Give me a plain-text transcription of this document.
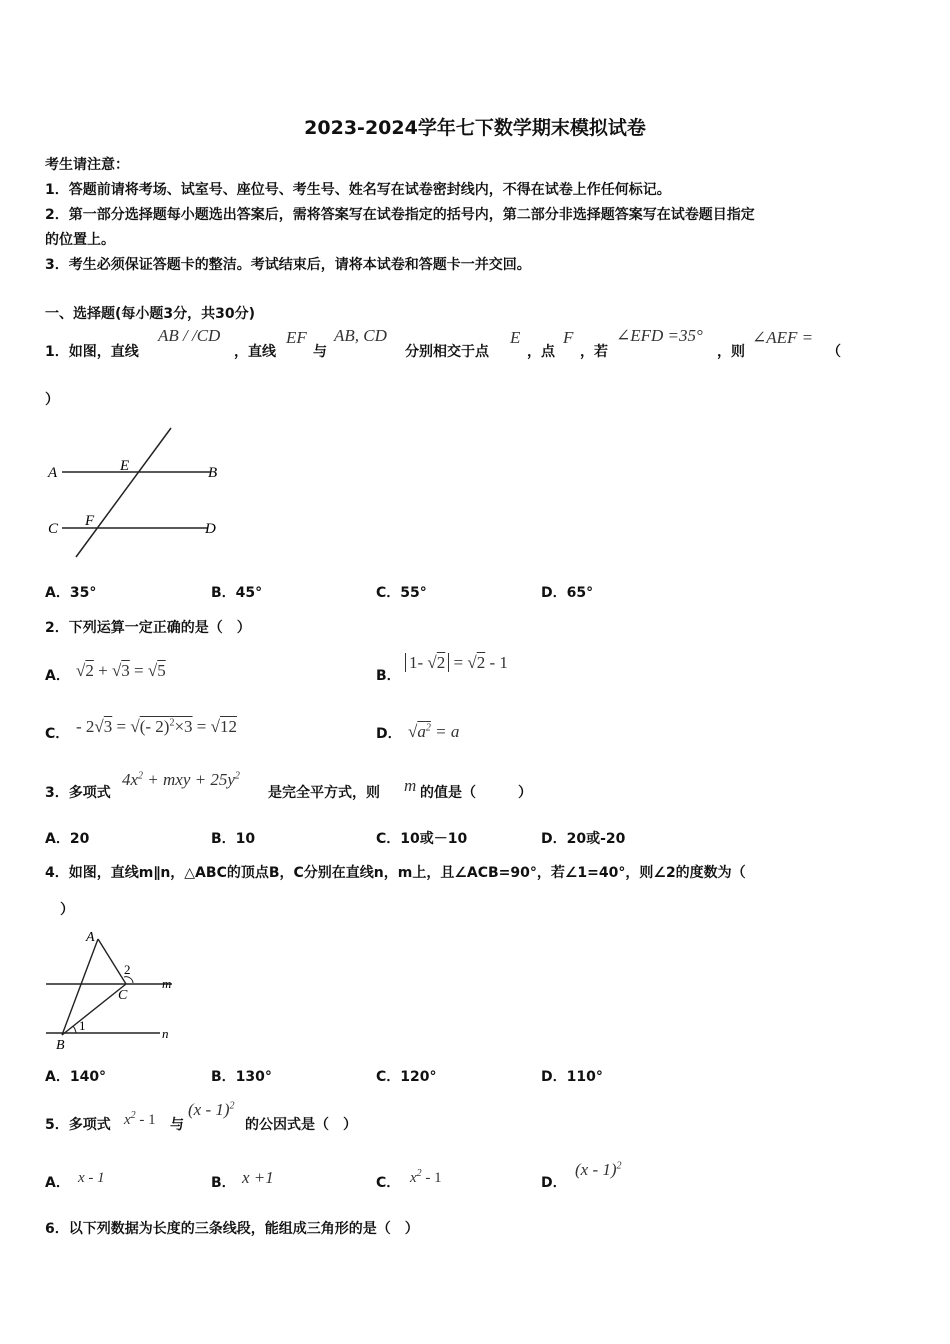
2023-2024学年七下数学期末模拟试卷
考生请注意：
1．答题前请将考场、试室号、座位号、考生号、姓名写在试卷密封线内，不得在试卷上作任何标记。
2．第一部分选择题每小题选出答案后，需将答案写在试卷指定的括号内，第二部分非选择题答案写在试卷题目指定
的位置上。
3．考生必须保证答题卡的整洁。考试结束后，请将本试卷和答题卡一并交回。
一、选择题(每小题3分，共30分)
1．如图，直线
AB / /CD
，直线
EF
与
AB, CD
分别相交于点
E
，点
F
，若
∠EFD =35°
，则
∠AEF =
（
）
A	E	B
C F	D
A．35°	B．45°	C．55°	D．65°
2．下列运算一定正确的是（　）
A． √2 + √3 = √5	B．
1- √2 = √2 - 1
C． - 2√3 = √(- 2)$^2$×3 = √12	D． $√a^2 = a$
3．多项式
$4x^2$ + mxy + $25y^2$
是完全平方式，则 m 的值是（　　　）
A．20	B．10	C．10或－10	D．20或-20
4．如图，直线m∥n，△ABC的顶点B，C分别在直线n，m上，且∠ACB=90°，若∠1=40°，则∠2的度数为（
）
A
B
C
m
n
1
2
A．140°	B．130°	C．120°	D．110°
5．多项式 $x^2 - 1$ 与
(x - 1)$^2$
的公因式是（　）
A． x - 1	B． x +1	C． $x^2 - 1$	D．
(x - 1)$^2$
6．以下列数据为长度的三条线段，能组成三角形的是（　）
